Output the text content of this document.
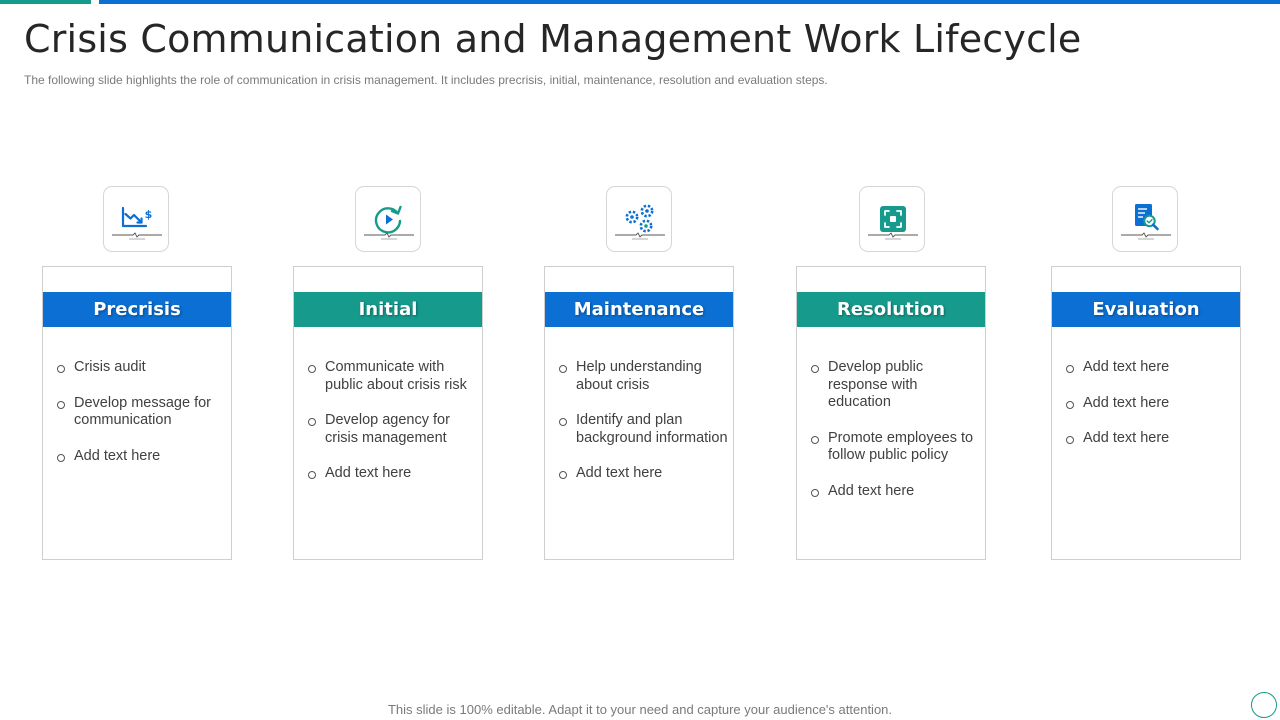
Crisis Communication and Management Work Lifecycle

The following slide highlights the role of communication in crisis management. It includes precrisis, initial, maintenance, resolution and evaluation steps.

$
Precrisis
Crisis audit
Develop message for communication
Add text here
Initial
Communicate with public about crisis risk
Develop agency for crisis management
Add text here
Maintenance
Help understanding about crisis
Identify and plan background information
Add text here
Resolution
Develop public response with education
Promote employees to follow public policy
Add text here
Evaluation
Add text here
Add text here
Add text here

This slide is 100% editable. Adapt it to your need and capture your audience's attention.
